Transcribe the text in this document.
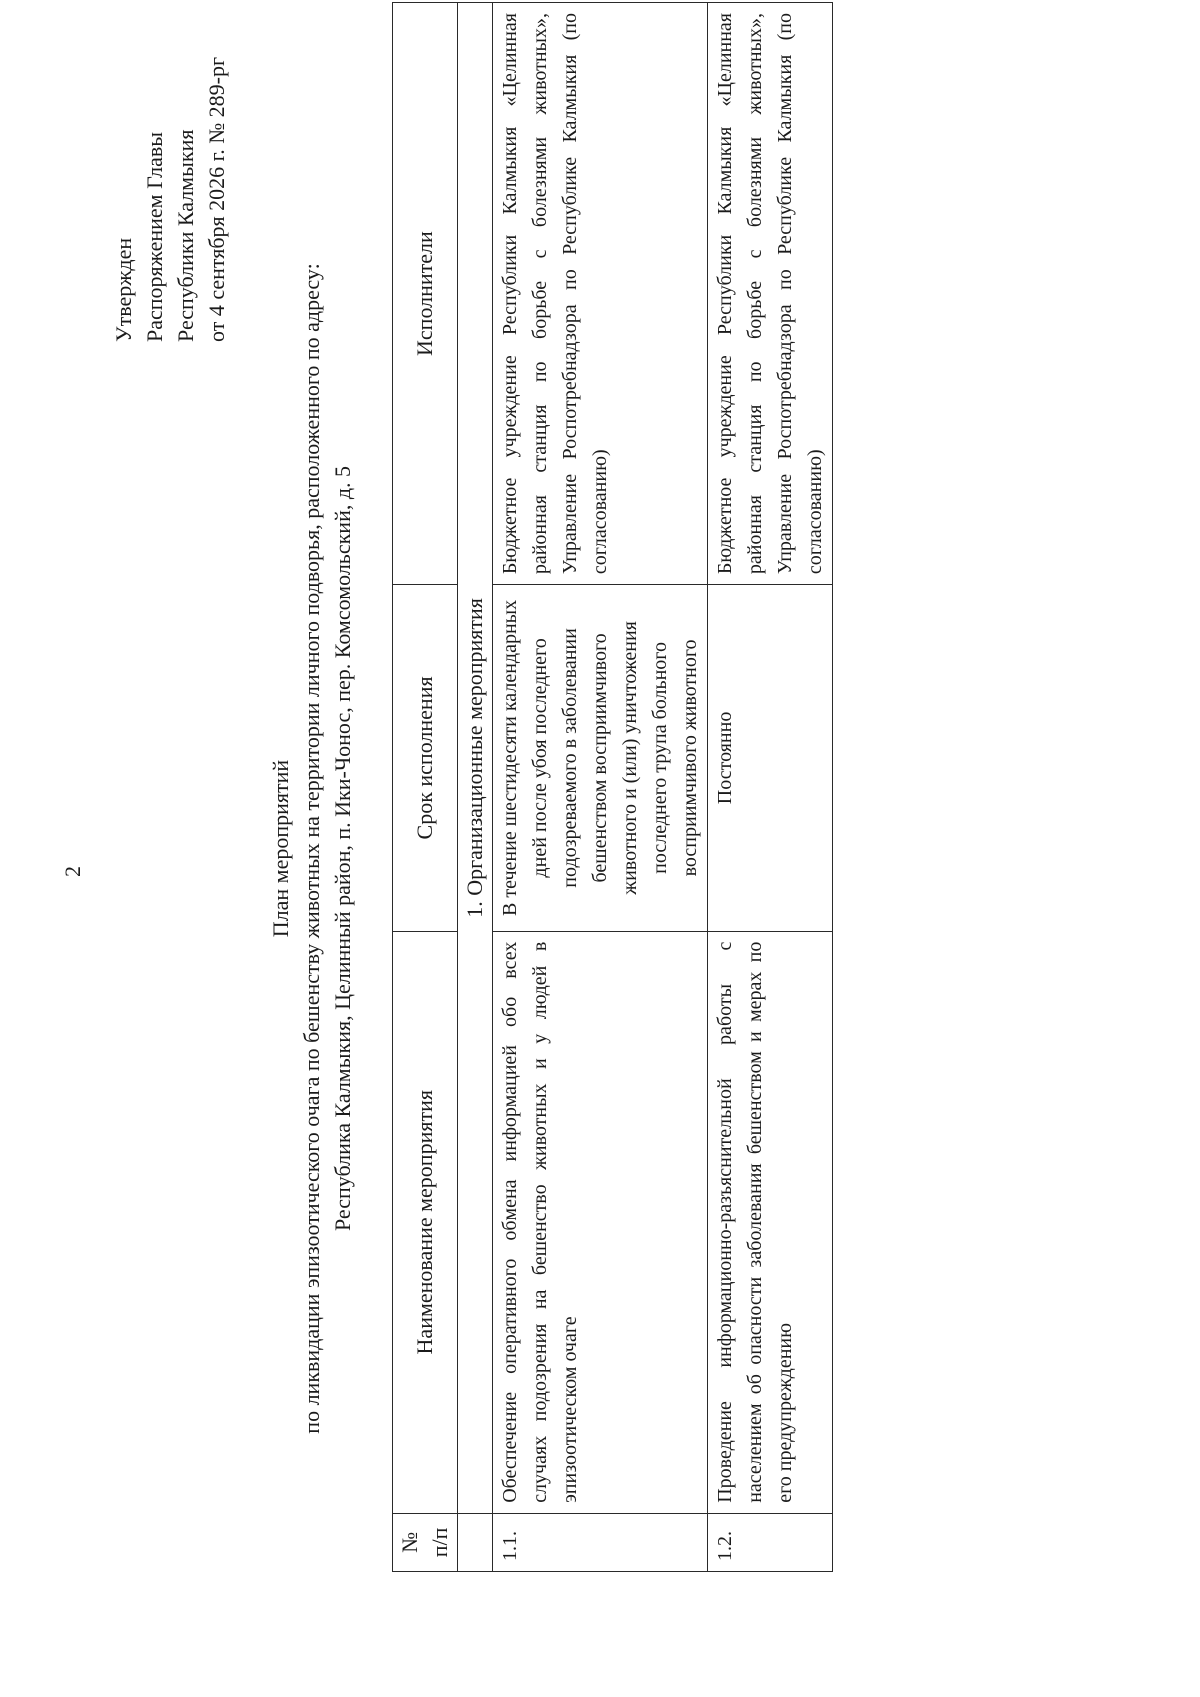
2
Утвержден Распоряжением Главы Республики Калмыкия от 4 сентября 2026 г. № 289-рг
План мероприятий по ликвидации эпизоотического очага по бешенству животных на территории личного подворья, расположенного по адресу: Республика Калмыкия, Целинный район, п. Ики-Чонос, пер. Комсомольский, д. 5
№ п/п	Наименование мероприятия	Срок исполнения	Исполнители
	1. Организационные мероприятия		
1.1.	Обеспечение оперативного обмена информацией обо всех случаях подозрения на бешенство животных и у людей в эпизоотическом очаге	В течение шестидесяти календарных дней после убоя последнего подозреваемого в заболевании бешенством восприимчивого животного и (или) уничтожения последнего трупа больного восприимчивого животного	Бюджетное учреждение Республики Калмыкия «Целинная районная станция по борьбе с болезнями животных», Управление Роспотребнадзора по Республике Калмыкия (по согласованию)
1.2.	Проведение информационно-разъяснительной работы с населением об опасности заболевания бешенством и мерах по его предупреждению	Постоянно	Бюджетное учреждение Республики Калмыкия «Целинная районная станция по борьбе с болезнями животных», Управление Роспотребнадзора по Республике Калмыкия (по согласованию)
